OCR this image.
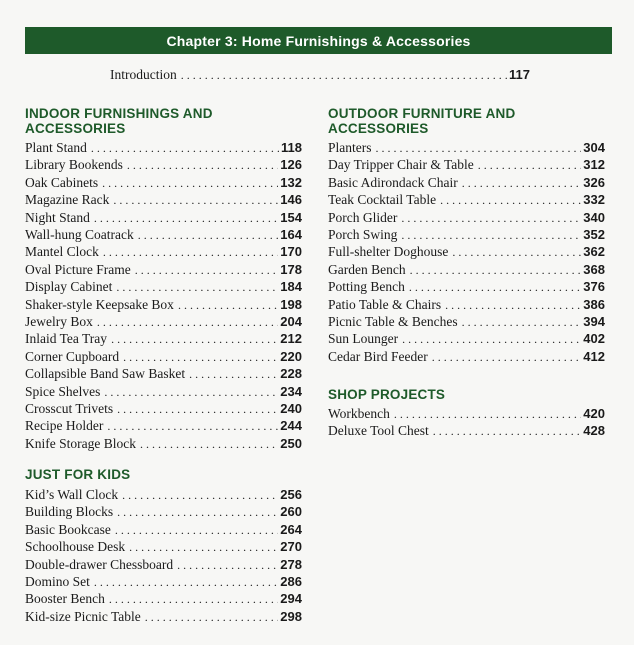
Chapter 3: Home Furnishings & Accessories
Introduction . . .	117
INDOOR FURNISHINGS AND
ACCESSORIES
Plant Stand . . .	118
Library Bookends . . .	126
Oak Cabinets . . .	132
Magazine Rack . . .	146
Night Stand . . .	154
Wall-hung Coatrack . . .	164
Mantel Clock . . .	170
Oval Picture Frame . . .	178
Display Cabinet . . .	184
Shaker-style Keepsake Box . . .	198
Jewelry Box . . .	204
Inlaid Tea Tray . . .	212
Corner Cupboard . . .	220
Collapsible Band Saw Basket . . .	228
Spice Shelves . . .	234
Crosscut Trivets . . .	240
Recipe Holder . . .	244
Knife Storage Block . . .	250
JUST FOR KIDS
Kid’s Wall Clock . . .	256
Building Blocks . . .	260
Basic Bookcase . . .	264
Schoolhouse Desk . . .	270
Double-drawer Chessboard . . .	278
Domino Set . . .	286
Booster Bench . . .	294
Kid-size Picnic Table . . .	298
OUTDOOR FURNITURE AND
ACCESSORIES
Planters . . .	304
Day Tripper Chair & Table . . .	312
Basic Adirondack Chair . . .	326
Teak Cocktail Table . . .	332
Porch Glider . . .	340
Porch Swing . . .	352
Full-shelter Doghouse . . .	362
Garden Bench . . .	368
Potting Bench . . .	376
Patio Table & Chairs . . .	386
Picnic Table & Benches . . .	394
Sun Lounger . . .	402
Cedar Bird Feeder . . .	412
SHOP PROJECTS
Workbench . . .	420
Deluxe Tool Chest . . .	428
